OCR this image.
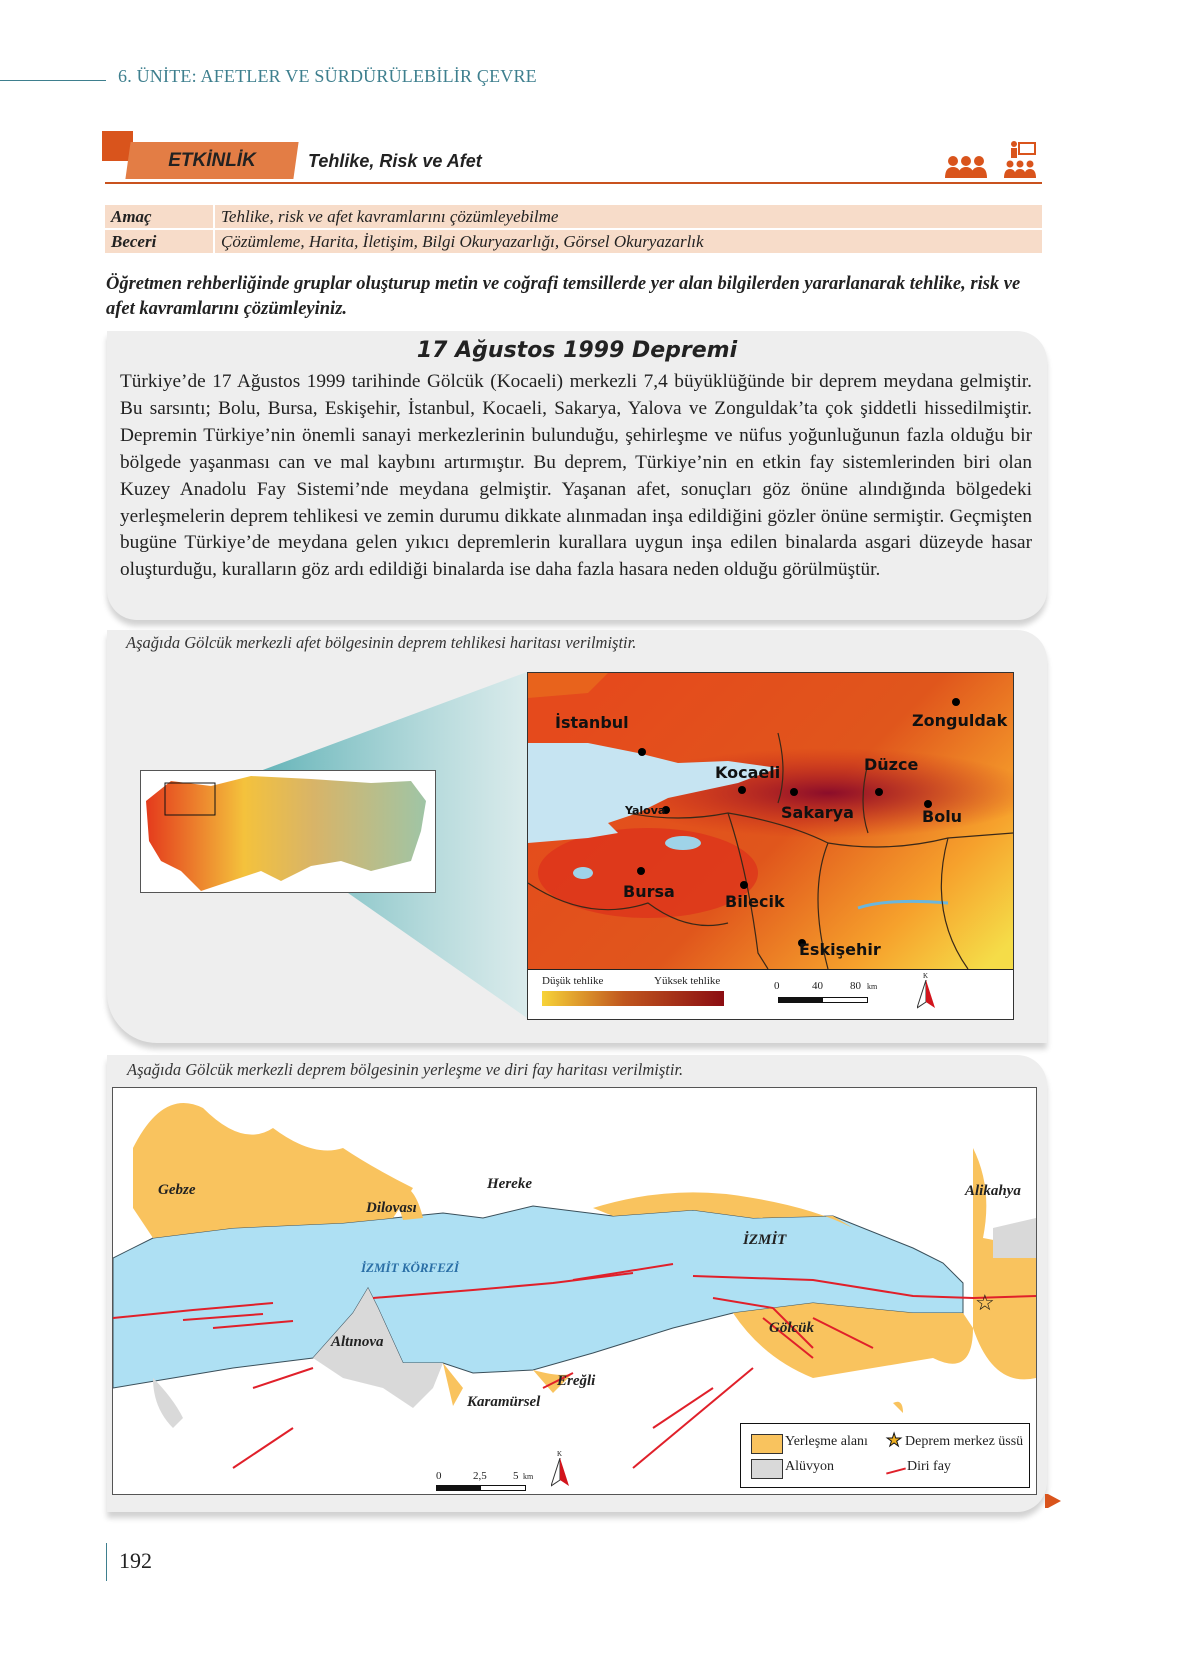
6. ÜNİTE: AFETLER VE SÜRDÜRÜLEBİLİR ÇEVRE
ETKİNLİK	Tehlike, Risk ve Afet
Amaç	Tehlike, risk ve afet kavramlarını çözümleyebilme
Beceri	Çözümleme, Harita, İletişim, Bilgi Okuryazarlığı, Görsel Okuryazarlık
Öğretmen rehberliğinde gruplar oluşturup metin ve coğrafi temsillerde yer alan bilgilerden yararlanarak tehlike, risk ve afet kavramlarını çözümleyiniz.
17 Ağustos 1999 Depremi
Türkiye’de 17 Ağustos 1999 tarihinde Gölcük (Kocaeli) merkezli 7,4 büyüklüğünde bir deprem meydana gelmiştir. Bu sarsıntı; Bolu, Bursa, Eskişehir, İstanbul, Kocaeli, Sakarya, Yalova ve Zonguldak’ta çok şiddetli hissedilmiştir. Depremin Türkiye’nin önemli sanayi merkezlerinin bulunduğu, şehirleşme ve nüfus yoğunluğunun fazla olduğu bir bölgede yaşanması can ve mal kaybını artırmıştır. Bu deprem, Türkiye’nin en etkin fay sistemlerinden biri olan Kuzey Anadolu Fay Sistemi’nde meydana gelmiştir. Yaşanan afet, sonuçları göz önüne alındığında bölgedeki yerleşmelerin deprem tehlikesi ve zemin durumu dikkate alınmadan inşa edildiğini gözler önüne sermiştir. Geçmişten bugüne Türkiye’de meydana gelen yıkıcı depremlerin kurallara uygun inşa edilen binalarda asgari düzeyde hasar oluşturduğu, kuralların göz ardı edildiği binalarda ise daha fazla hasara neden olduğu görülmüştür.
Aşağıda Gölcük merkezli afet bölgesinin deprem tehlikesi haritası verilmiştir.
İstanbul	Zonguldak
Kocaeli	Düzce
Yalova	Sakarya	Bolu
Bursa
Bilecik
Eskişehir
Düşük tehlike	Yüksek tehlike	0	40 80 km
K
Aşağıda Gölcük merkezli deprem bölgesinin yerleşme ve diri fay haritası verilmiştir.
Gebze
Dilovası
Hereke	Alikahya
İZMİT
İZMİT KÖRFEZİ
Gölcük
Altınova
Ereğli
Karamürsel
☆
0	2,5 5 km
K
Yerleşme alanı ★ Deprem merkez üssü
Alüvyon	Diri fay
192
